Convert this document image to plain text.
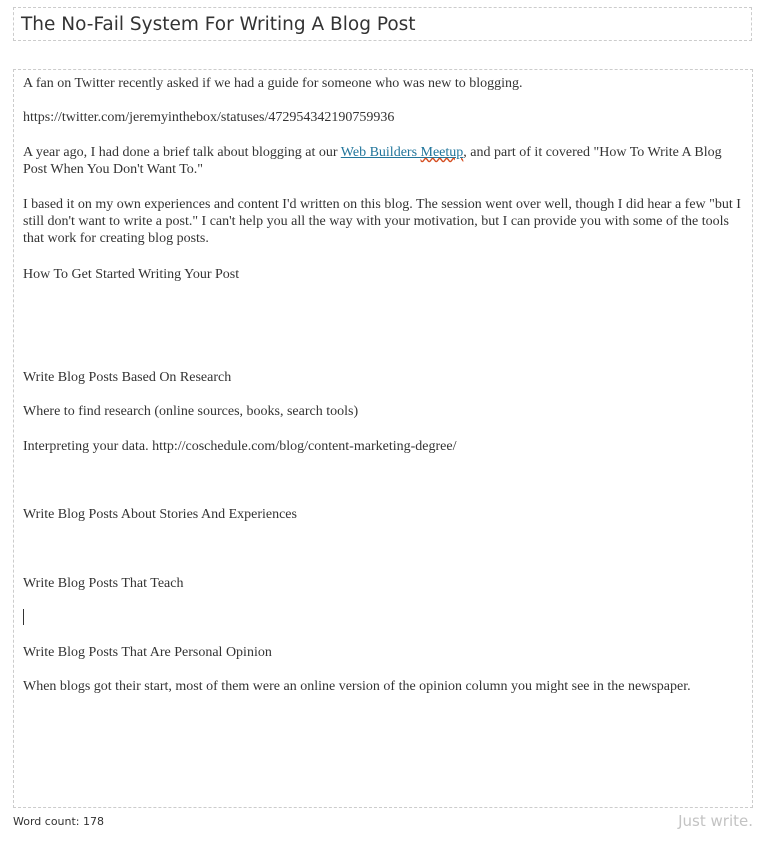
The No-Fail System For Writing A Blog Post
A fan on Twitter recently asked if we had a guide for someone who was new to blogging.
https://twitter.com/jeremyinthebox/statuses/472954342190759936
A year ago, I had done a brief talk about blogging at our Web Builders Meetup, and part of it covered "How To Write A Blog Post When You Don't Want To."
I based it on my own experiences and content I'd written on this blog. The session went over well, though I did hear a few "but I still don't want to write a post." I can't help you all the way with your motivation, but I can provide you with some of the tools that work for creating blog posts.
How To Get Started Writing Your Post
Write Blog Posts Based On Research
Where to find research (online sources, books, search tools)
Interpreting your data. http://coschedule.com/blog/content-marketing-degree/
Write Blog Posts About Stories And Experiences
Write Blog Posts That Teach
Write Blog Posts That Are Personal Opinion
When blogs got their start, most of them were an online version of the opinion column you might see in the newspaper.
Word count: 178	Just write.
